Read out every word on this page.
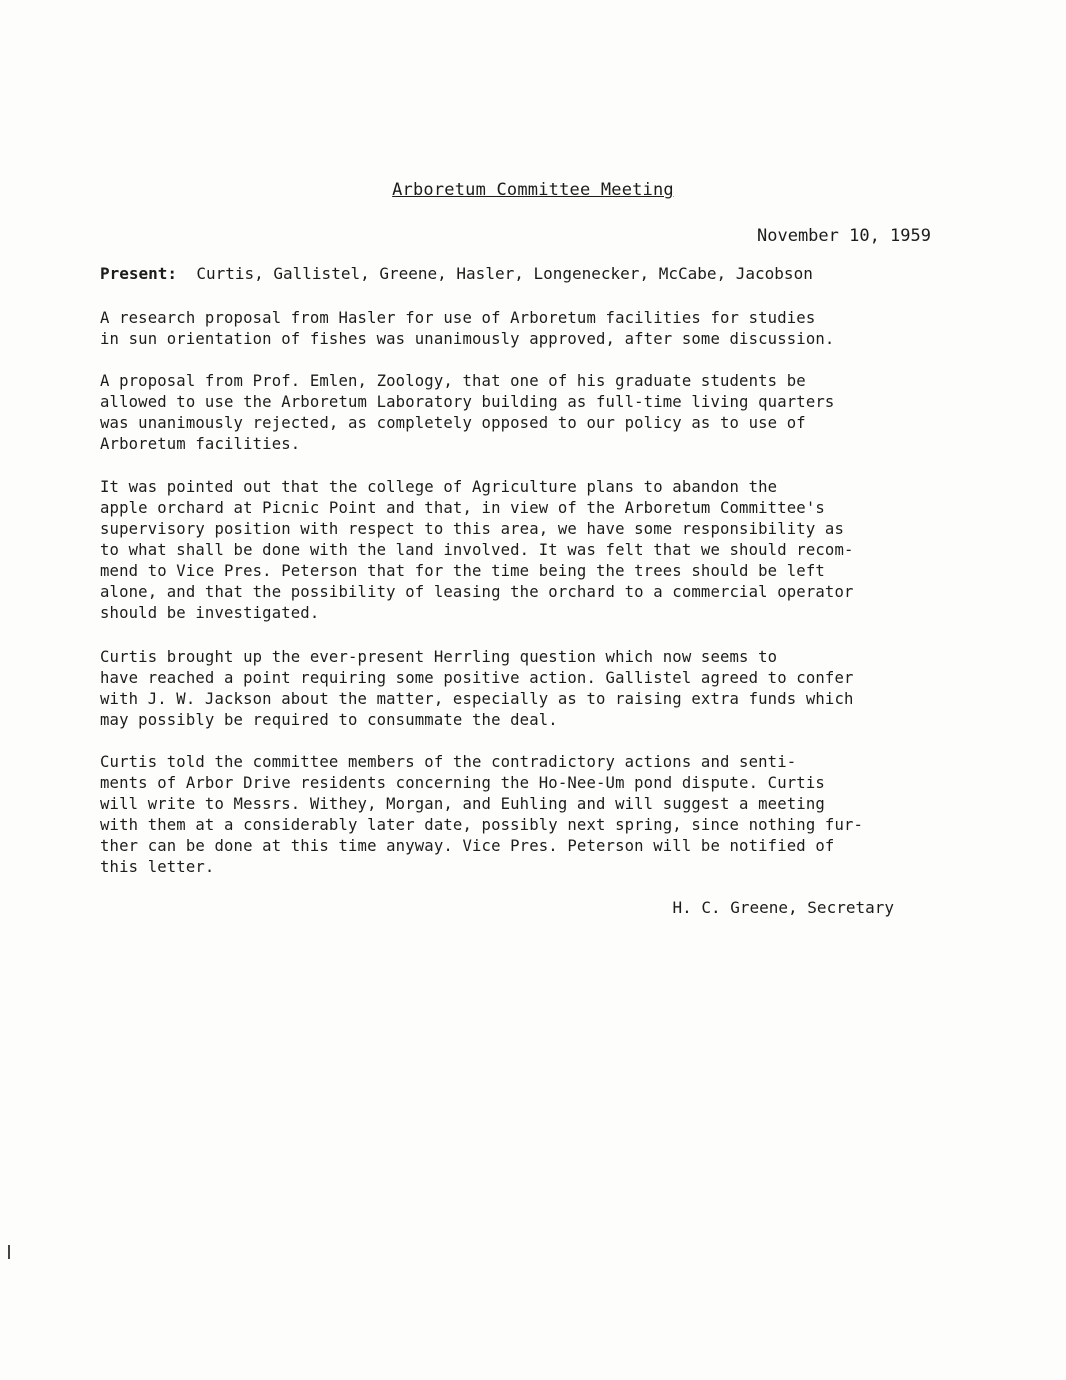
Arboretum Committee Meeting
November 10, 1959
Present: Curtis, Gallistel, Greene, Hasler, Longenecker, McCabe, Jacobson
A research proposal from Hasler for use of Arboretum facilities for studies
in sun orientation of fishes was unanimously approved, after some discussion.
A proposal from Prof. Emlen, Zoology, that one of his graduate students be
allowed to use the Arboretum Laboratory building as full-time living quarters
was unanimously rejected, as completely opposed to our policy as to use of
Arboretum facilities.
It was pointed out that the college of Agriculture plans to abandon the
apple orchard at Picnic Point and that, in view of the Arboretum Committee's
supervisory position with respect to this area, we have some responsibility as
to what shall be done with the land involved. It was felt that we should recom-
mend to Vice Pres. Peterson that for the time being the trees should be left
alone, and that the possibility of leasing the orchard to a commercial operator
should be investigated.
Curtis brought up the ever-present Herrling question which now seems to
have reached a point requiring some positive action. Gallistel agreed to confer
with J. W. Jackson about the matter, especially as to raising extra funds which
may possibly be required to consummate the deal.
Curtis told the committee members of the contradictory actions and senti-
ments of Arbor Drive residents concerning the Ho-Nee-Um pond dispute. Curtis
will write to Messrs. Withey, Morgan, and Euhling and will suggest a meeting
with them at a considerably later date, possibly next spring, since nothing fur-
ther can be done at this time anyway. Vice Pres. Peterson will be notified of
this letter.
H. C. Greene, Secretary
